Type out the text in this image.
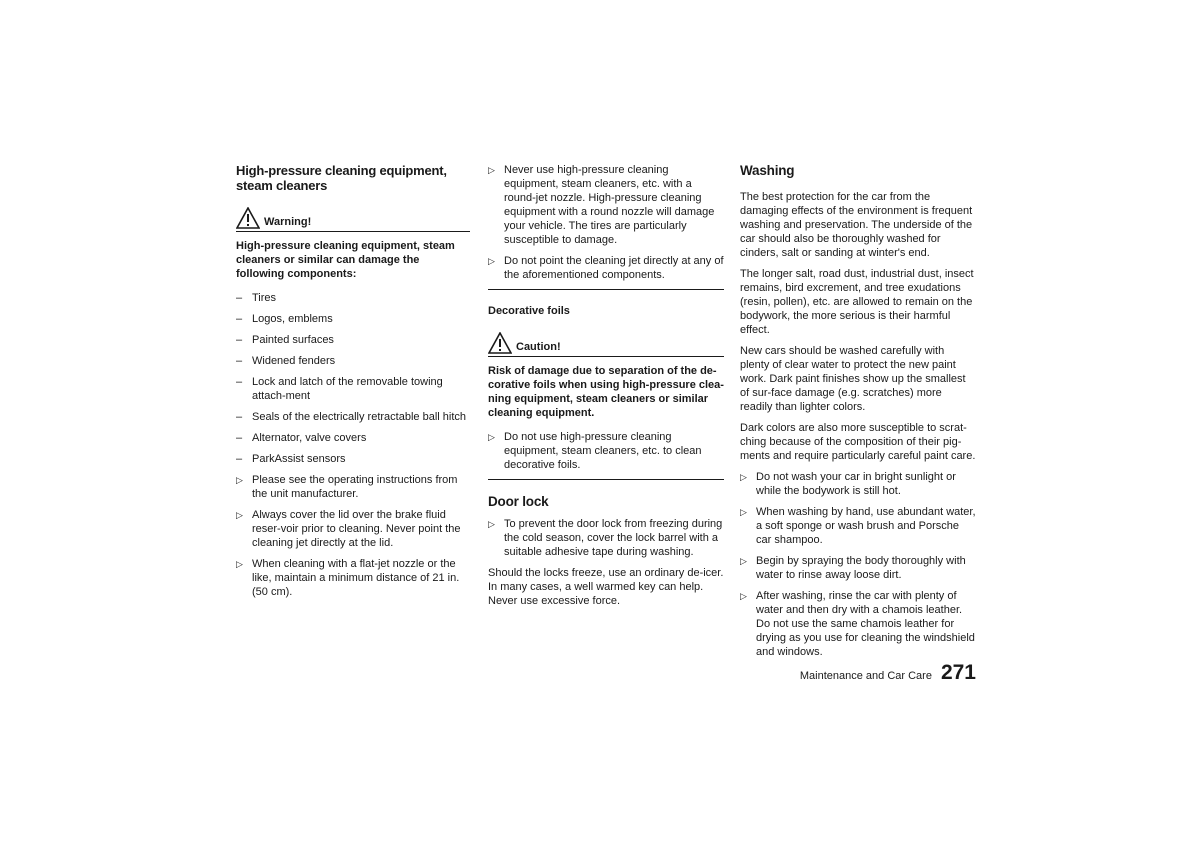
High-pressure cleaning equipment, steam cleaners
Warning!
High-pressure cleaning equipment, steam cleaners or similar can damage the following components:
– Tires
– Logos, emblems
– Painted surfaces
– Widened fenders
– Lock and latch of the removable towing attach-ment
– Seals of the electrically retractable ball hitch
– Alternator, valve covers
– ParkAssist sensors
▷ Please see the operating instructions from the unit manufacturer.
▷ Always cover the lid over the brake fluid reser-voir prior to cleaning. Never point the cleaning jet directly at the lid.
▷ When cleaning with a flat-jet nozzle or the like, maintain a minimum distance of 21 in. (50 cm).
▷ Never use high-pressure cleaning equipment, steam cleaners, etc. with a round-jet nozzle. High-pressure cleaning equipment with a round nozzle will damage your vehicle. The tires are particularly susceptible to damage.
▷ Do not point the cleaning jet directly at any of the aforementioned components.
Decorative foils
Caution!
Risk of damage due to separation of the de-corative foils when using high-pressure clea-ning equipment, steam cleaners or similar cleaning equipment.
▷ Do not use high-pressure cleaning equipment, steam cleaners, etc. to clean decorative foils.
Door lock
▷ To prevent the door lock from freezing during the cold season, cover the lock barrel with a suitable adhesive tape during washing.

Should the locks freeze, use an ordinary de-icer. In many cases, a well warmed key can help. Never use excessive force.

Washing

The best protection for the car from the damaging effects of the environment is frequent washing and preservation. The underside of the car should also be thoroughly washed for cinders, salt or sanding at winter's end.

The longer salt, road dust, industrial dust, insect remains, bird excrement, and tree exudations (resin, pollen), etc. are allowed to remain on the bodywork, the more serious is their harmful effect.

New cars should be washed carefully with plenty of clear water to protect the new paint work. Dark paint finishes show up the smallest of sur-face damage (e.g. scratches) more readily than lighter colors.

Dark colors are also more susceptible to scrat-ching because of the composition of their pig-ments and require particularly careful paint care.

▷ Do not wash your car in bright sunlight or while the bodywork is still hot.
▷ When washing by hand, use abundant water, a soft sponge or wash brush and Porsche car shampoo.
▷ Begin by spraying the body thoroughly with water to rinse away loose dirt.
▷ After washing, rinse the car with plenty of water and then dry with a chamois leather. Do not use the same chamois leather for drying as you use for cleaning the windshield and windows.
Maintenance and Car Care 271
